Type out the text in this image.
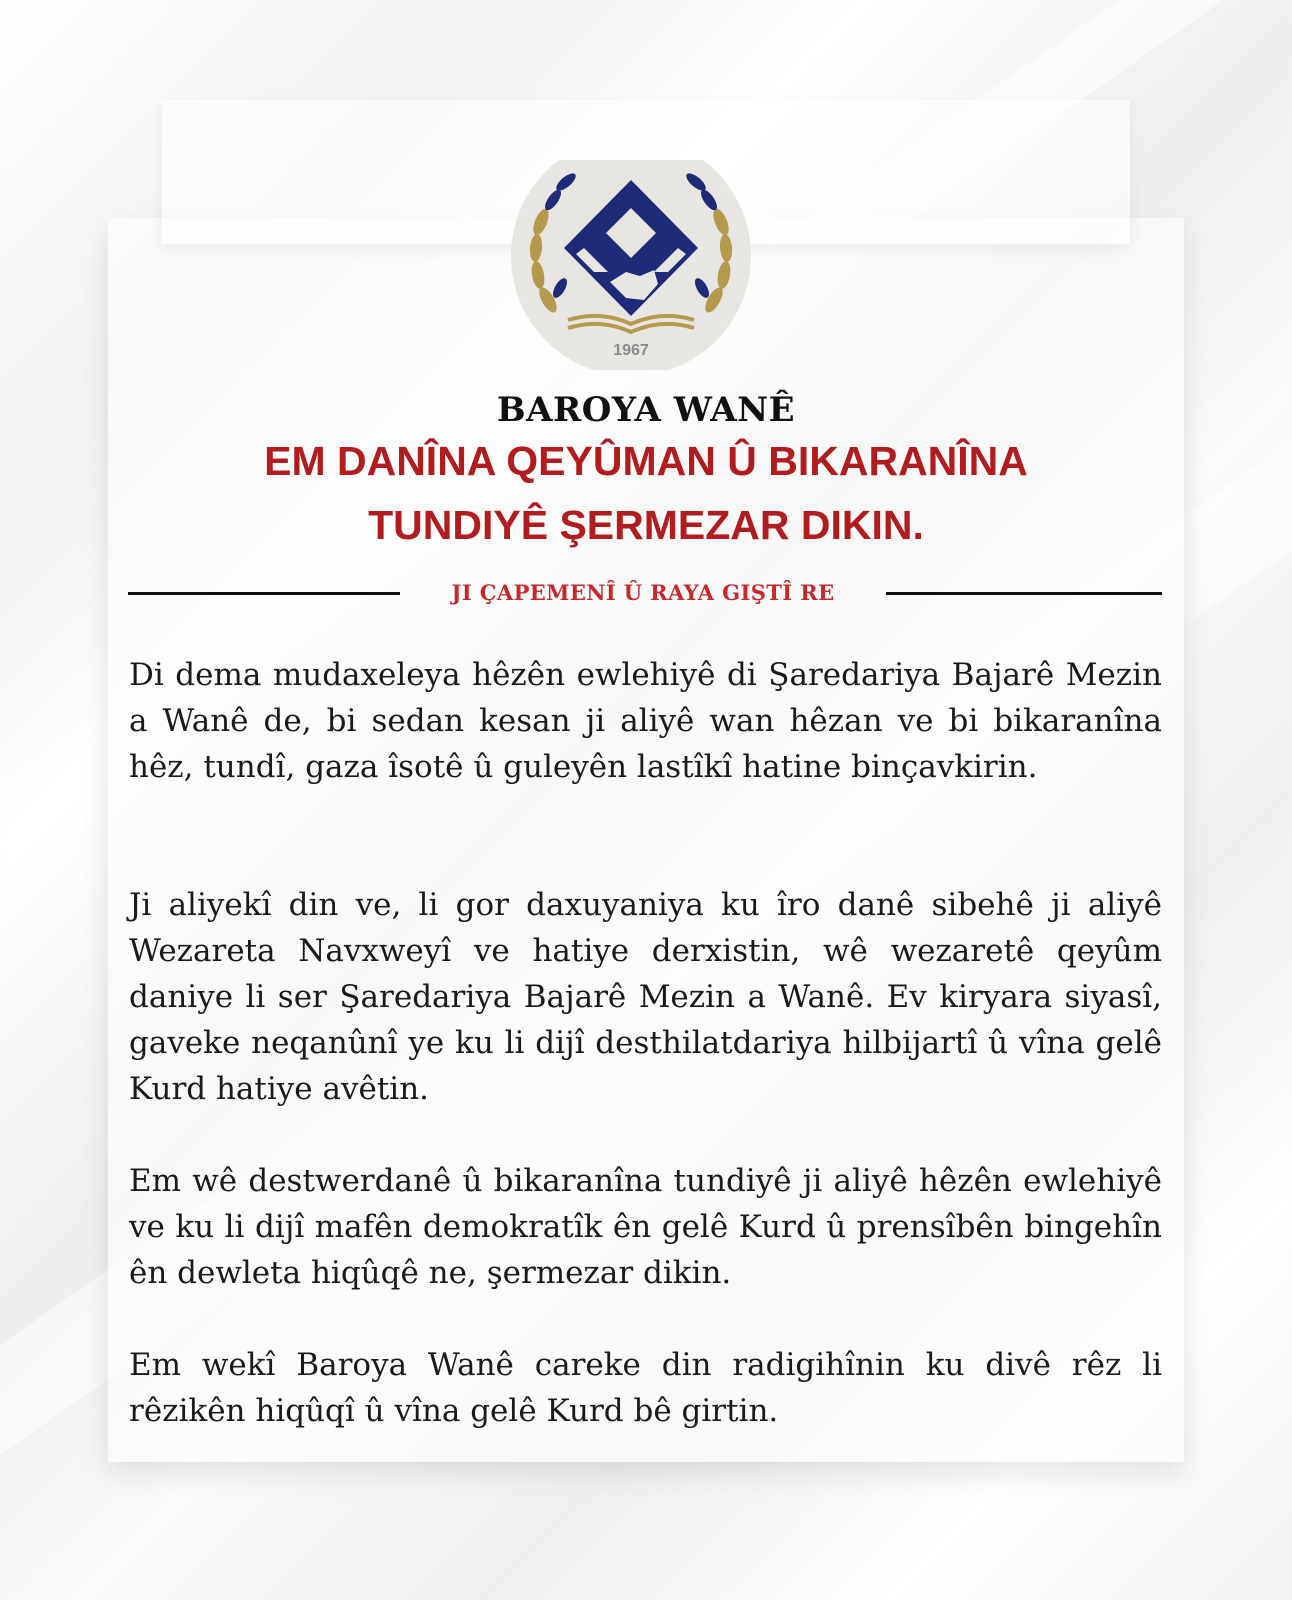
1967
BAROYA WANÊ
EM DANÎNA QEYÛMAN Û BIKARANÎNA
TUNDIYÊ ŞERMEZAR DIKIN.
JI ÇAPEMENÎ Û RAYA GIŞTÎ RE

Di dema mudaxeleya hêzên ewlehiyê di Şaredariya Bajarê Mezin a Wanê de, bi sedan kesan ji aliyê wan hêzan ve bi bikaranîna hêz, tundî, gaza îsotê û guleyên lastîkî hatine binçavkirin.

Ji aliyekî din ve, li gor daxuyaniya ku îro danê sibehê ji aliyê Wezareta Navxweyî ve hatiye derxistin, wê wezaretê qeyûm daniye li ser Şaredariya Bajarê Mezin a Wanê. Ev kiryara siyasî, gaveke neqanûnî ye ku li dijî desthilatdariya hilbijartî û vîna gelê Kurd hatiye avêtin.

Em wê destwerdanê û bikaranîna tundiyê ji aliyê hêzên ewlehiyê ve ku li dijî mafên demokratîk ên gelê Kurd û prensîbên bingehîn ên dewleta hiqûqê ne, şermezar dikin.

Em wekî Baroya Wanê careke din radigihînin ku divê rêz li rêzikên hiqûqî û vîna gelê Kurd bê girtin.
